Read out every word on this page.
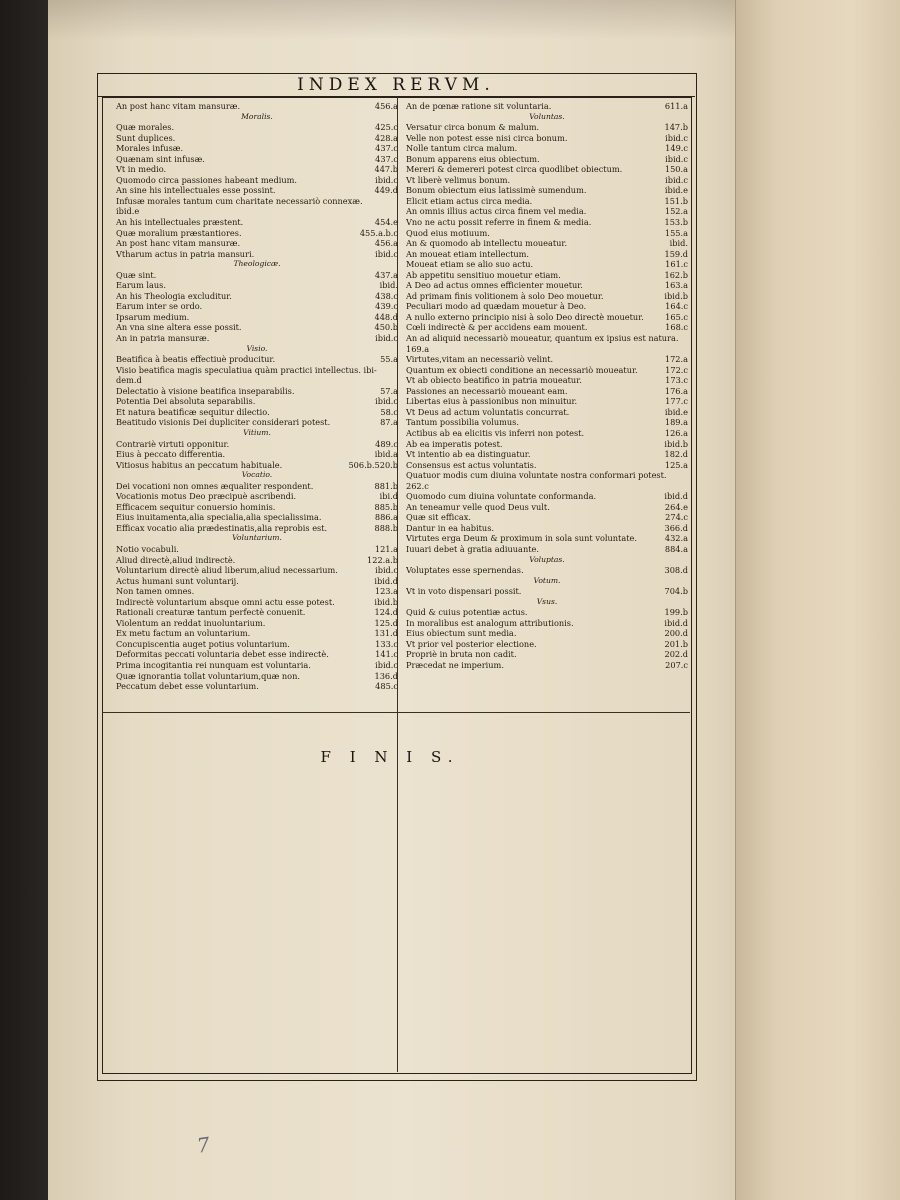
INDEX RERVM.
An post hanc vitam mansuræ.	456.a
Moralis.
Quæ morales.	425.c
Sunt duplices.	428.a
Morales infusæ.	437.c
Quænam sint infusæ.	437.c
Vt in medio.	447.b
Quomodo circa passiones habeant medium.	ibid.c
An sine his intellectuales esse possint.	449.d
Infusæ morales tantum cum charitate necessariò connexæ.
ibid.e
An his intellectuales præstent.	454.e
Quæ moralium præstantiores.	455.a.b.c
An post hanc vitam mansuræ.	456.a
Vtharum actus in patria mansuri.	ibid.c
Theologicæ.
Quæ sint.	437.a
Earum laus.	ibid.
An his Theologia excluditur.	438.c
Earum inter se ordo.	439.c
Ipsarum medium.	448.d
An vna sine altera esse possit.	450.b
An in patria mansuræ.	ibid.c
Visio.
Beatifica à beatis effectiuè producitur.	55.a
Visio beatifica magis speculatiua quàm practici intellectus. ibi-
dem.d
Delectatio à visione beatifica inseparabilis.	57.a
Potentia Dei absoluta separabilis.	ibid.c
Et natura beatificæ sequitur dilectio.	58.c
Beatitudo visionis Dei dupliciter considerari potest.	87.a
Vitium.
Contrariè virtuti opponitur.	489.c
Eius à peccato differentia.	ibid.a
Vitiosus habitus an peccatum habituale.	506.b.520.b
Vocatio.
Dei vocationi non omnes æqualiter respondent.	881.b
Vocationis motus Deo præcipuè ascribendi.	ibi.d
Efficacem sequitur conuersio hominis.	885.b
Eius inuitamenta,alia specialia,alia specialissima.	886.a
Efficax vocatio alia prædestinatis,alia reprobis est.	888.b
Voluntarium.
Notio vocabuli.	121.a
Aliud directè,aliud indirectè.	122.a.b
Voluntarium directè aliud liberum,aliud necessarium.	ibid.c
Actus humani sunt voluntarij.	ibid.d
Non tamen omnes.	123.a
Indirectè voluntarium absque omni actu esse potest.	ibid.b
Rationali creaturæ tantum perfectè conuenit.	124.d
Violentum an reddat inuoluntarium.	125.d
Ex metu factum an voluntarium.	131.d
Concupiscentia auget potius voluntarium.	133.c
Deformitas peccati voluntaria debet esse indirectè.	141.c
Prima incogitantia rei nunquam est voluntaria.	ibid.c
Quæ ignorantia tollat voluntarium,quæ non.	136.d
Peccatum debet esse voluntarium.	485.c
An de pœnæ ratione sit voluntaria.	611.a
Voluntas.
Versatur circa bonum & malum.	147.b
Velle non potest esse nisi circa bonum.	ibid.c
Nolle tantum circa malum.	149.c
Bonum apparens eius obiectum.	ibid.c
Mereri & demereri potest circa quodlibet obiectum.	150.a
Vt liberè velimus bonum.	ibid.c
Bonum obiectum eius latissimè sumendum.	ibid.e
Elicit etiam actus circa media.	151.b
An omnis illius actus circa finem vel media.	152.a
Vno ne actu possit referre in finem & media.	153.b
Quod eius motiuum.	155.a
An & quomodo ab intellectu moueatur.	ibid.
An moueat etiam intellectum.	159.d
Moueat etiam se alio suo actu.	161.c
Ab appetitu sensitiuo mouetur etiam.	162.b
A Deo ad actus omnes efficienter mouetur.	163.a
Ad primam finis volitionem à solo Deo mouetur.	ibid.b
Peculiari modo ad quædam mouetur à Deo.	164.c
A nullo externo principio nisi à solo Deo directè mouetur.	165.c
Cœli indirectè & per accidens eam mouent.	168.c
An ad aliquid necessariò moueatur, quantum ex ipsius est natura.
169.a
Virtutes,vitam an necessariò velint.	172.a
Quantum ex obiecti conditione an necessariò moueatur.	172.c
Vt ab obiecto beatifico in patria moueatur.	173.c
Passiones an necessariò moueant eam.	176.a
Libertas eius à passionibus non minuitur.	177.c
Vt Deus ad actum voluntatis concurrat.	ibid.e
Tantum possibilia volumus.	189.a
Actibus ab ea elicitis vis inferri non potest.	126.a
Ab ea imperatis potest.	ibid.b
Vt intentio ab ea distinguatur.	182.d
Consensus est actus voluntatis.	125.a
Quatuor modis cum diuina voluntate nostra conformari potest.
262.c
Quomodo cum diuina voluntate conformanda.	ibid.d
An teneamur velle quod Deus vult.	264.e
Quæ sit efficax.	274.c
Dantur in ea habitus.	366.d
Virtutes erga Deum & proximum in sola sunt voluntate.	432.a
Iuuari debet à gratia adiuuante.	884.a
Voluptas.
Voluptates esse spernendas.	308.d
Votum.
Vt in voto dispensari possit.	704.b
Vsus.
Quid & cuius potentiæ actus.	199.b
In moralibus est analogum attributionis.	ibid.d
Eius obiectum sunt media.	200.d
Vt prior vel posterior electione.	201.b
Propriè in bruta non cadit.	202.d
Præcedat ne imperium.	207.c
F I N I S.
7
